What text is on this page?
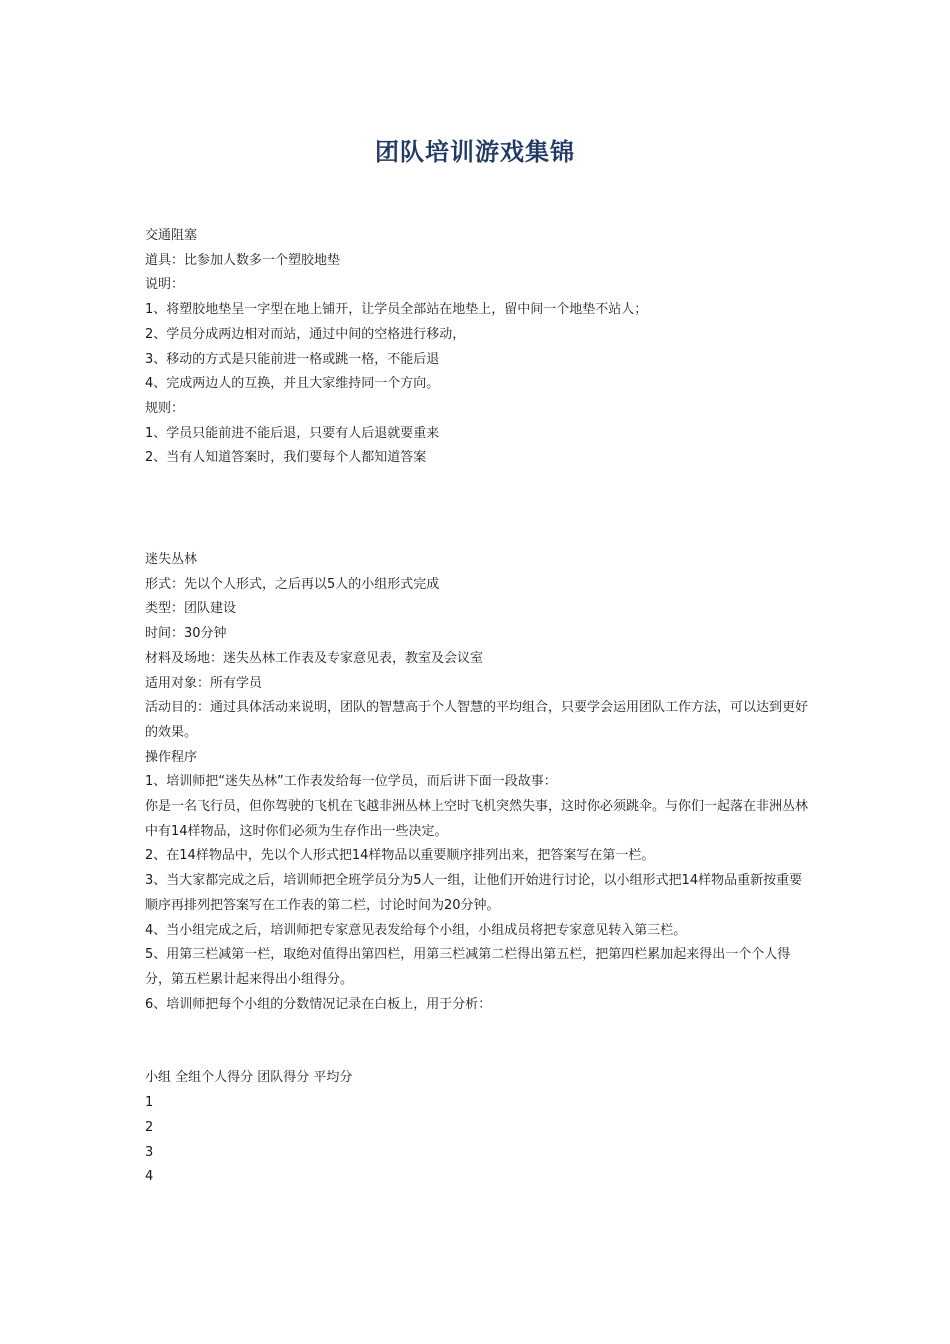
团队培训游戏集锦
交通阻塞
道具：比参加人数多一个塑胶地垫
说明：
1、将塑胶地垫呈一字型在地上铺开，让学员全部站在地垫上，留中间一个地垫不站人；
2、学员分成两边相对而站，通过中间的空格进行移动，
3、移动的方式是只能前进一格或跳一格，不能后退
4、完成两边人的互换，并且大家维持同一个方向。
规则：
1、学员只能前进不能后退，只要有人后退就要重来
2、当有人知道答案时，我们要每个人都知道答案
迷失丛林
形式：先以个人形式，之后再以5人的小组形式完成
类型：团队建设
时间：30分钟
材料及场地：迷失丛林工作表及专家意见表，教室及会议室
适用对象：所有学员
活动目的：通过具体活动来说明，团队的智慧高于个人智慧的平均组合，只要学会运用团队工作方法，可以达到更好的效果。
操作程序
1、培训师把“迷失丛林”工作表发给每一位学员，而后讲下面一段故事：
你是一名飞行员，但你驾驶的飞机在飞越非洲丛林上空时飞机突然失事，这时你必须跳伞。与你们一起落在非洲丛林中有14样物品，这时你们必须为生存作出一些决定。
2、在14样物品中，先以个人形式把14样物品以重要顺序排列出来，把答案写在第一栏。
3、当大家都完成之后，培训师把全班学员分为5人一组，让他们开始进行讨论，以小组形式把14样物品重新按重要顺序再排列把答案写在工作表的第二栏，讨论时间为20分钟。
4、当小组完成之后，培训师把专家意见表发给每个小组，小组成员将把专家意见转入第三栏。
5、用第三栏减第一栏，取绝对值得出第四栏，用第三栏减第二栏得出第五栏，把第四栏累加起来得出一个个人得分，第五栏累计起来得出小组得分。
6、培训师把每个小组的分数情况记录在白板上，用于分析：
小组 全组个人得分 团队得分 平均分
1
2
3
4
